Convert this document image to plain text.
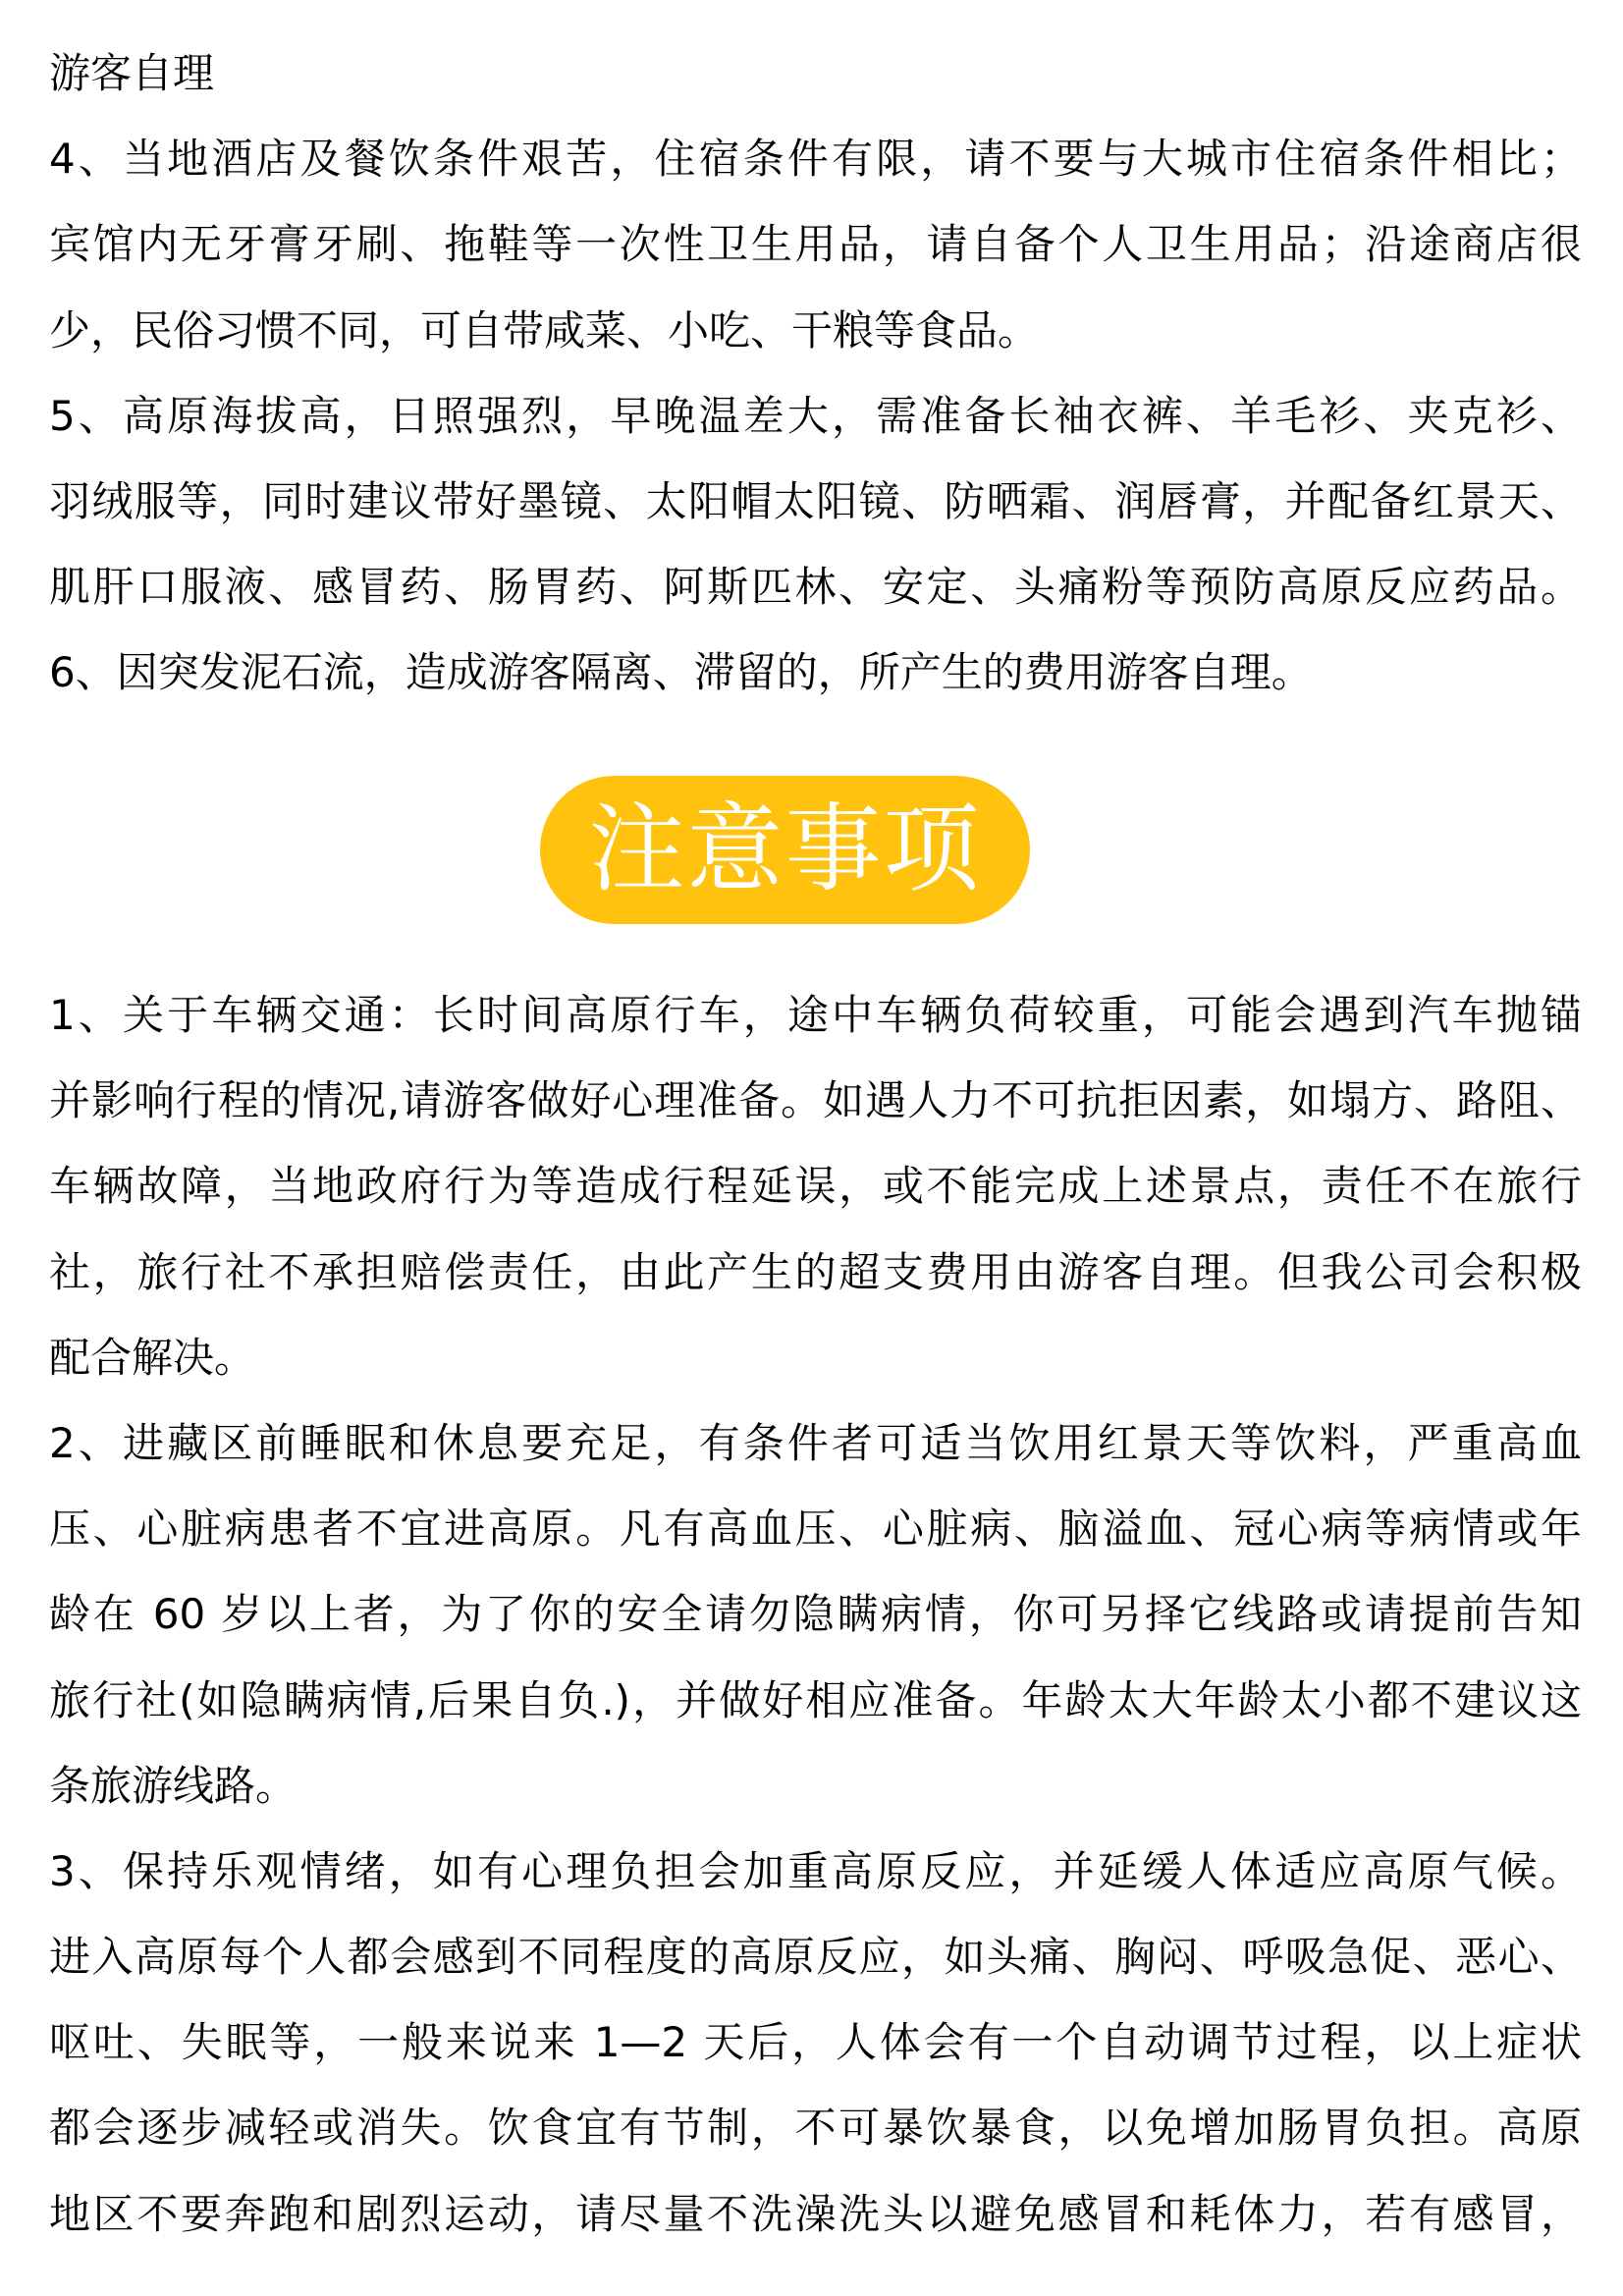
游客自理
4、当地酒店及餐饮条件艰苦，住宿条件有限，请不要与大城市住宿条件相比；
宾馆内无牙膏牙刷、拖鞋等一次性卫生用品，请自备个人卫生用品；沿途商店很
少，民俗习惯不同，可自带咸菜、小吃、干粮等食品。
5、高原海拔高，日照强烈，早晚温差大，需准备长袖衣裤、羊毛衫、夹克衫、
羽绒服等，同时建议带好墨镜、太阳帽太阳镜、防晒霜、润唇膏，并配备红景天、
肌肝口服液、感冒药、肠胃药、阿斯匹林、安定、头痛粉等预防高原反应药品。
6、因突发泥石流，造成游客隔离、滞留的，所产生的费用游客自理。
注意事项
1、关于车辆交通：长时间高原行车，途中车辆负荷较重，可能会遇到汽车抛锚
并影响行程的情况,请游客做好心理准备。如遇人力不可抗拒因素，如塌方、路阻、
车辆故障，当地政府行为等造成行程延误，或不能完成上述景点，责任不在旅行
社，旅行社不承担赔偿责任，由此产生的超支费用由游客自理。但我公司会积极
配合解决。
2、进藏区前睡眠和休息要充足，有条件者可适当饮用红景天等饮料，严重高血
压、心脏病患者不宜进高原。凡有高血压、心脏病、脑溢血、冠心病等病情或年
龄在 60 岁以上者，为了你的安全请勿隐瞒病情，你可另择它线路或请提前告知
旅行社(如隐瞒病情,后果自负.)，并做好相应准备。年龄太大年龄太小都不建议这
条旅游线路。
3、保持乐观情绪，如有心理负担会加重高原反应，并延缓人体适应高原气候。
进入高原每个人都会感到不同程度的高原反应，如头痛、胸闷、呼吸急促、恶心、
呕吐、失眠等，一般来说来 1—2 天后，人体会有一个自动调节过程，以上症状
都会逐步减轻或消失。饮食宜有节制，不可暴饮暴食，以免增加肠胃负担。高原
地区不要奔跑和剧烈运动，请尽量不洗澡洗头以避免感冒和耗体力，若有感冒，
